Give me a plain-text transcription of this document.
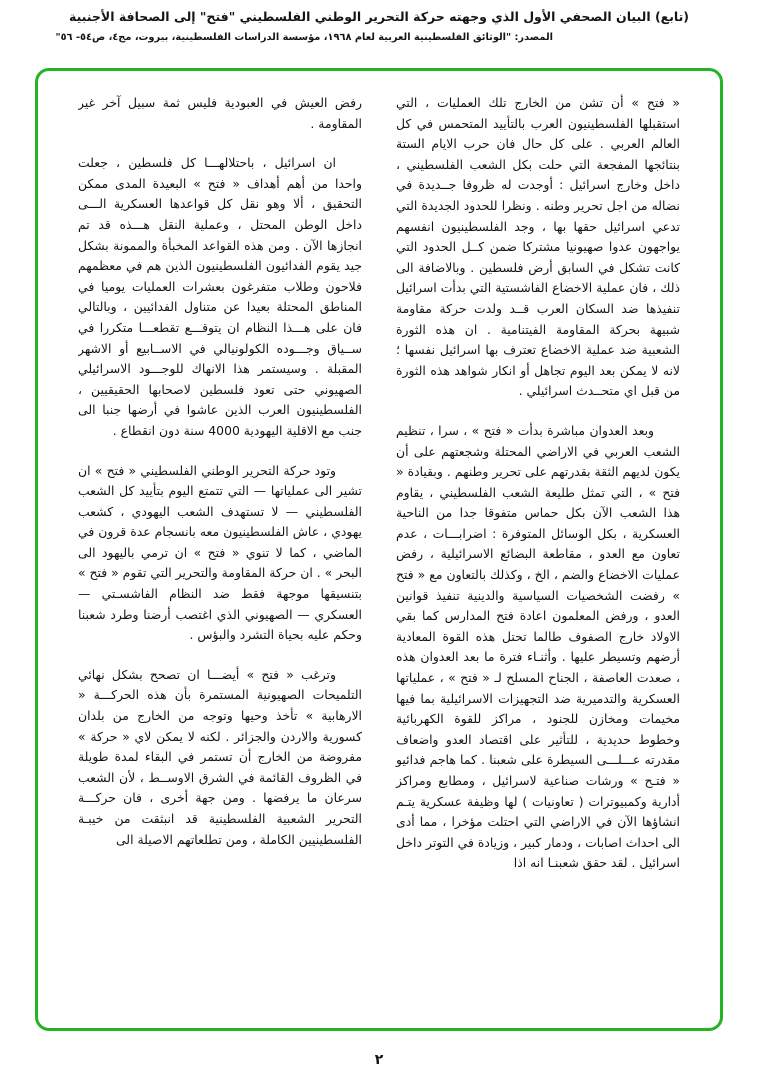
(تابع) البيان الصحفي الأول الذي وجهته حركة التحرير الوطني الفلسطيني "فتح" إلى الصحافة الأجنبية
المصدر: "الوثائق الفلسطينية العربية لعام ١٩٦٨، مؤسسة الدراسات الفلسطينية، بيروت، مج٤، ص٥٤- ٥٦"

« فتح » أن تشن من الخارج تلك العمليات ، التي استقبلها الفلسطينيون العرب بالتأييد المتحمس في كل العالم العربي . على كل حال فان حرب الايام الستة بنتائجها المفجعة التي حلت بكل الشعب الفلسطيني ، داخل وخارج اسرائيل : أوجدت له ظروفا جــديدة في نضاله من اجل تحرير وطنه . ونظرا للحدود الجديدة التي تدعي اسرائيل حقها بها ، وجد الفلسطينيون انفسهم يواجهون عدوا صهيونيا مشتركا ضمن كــل الحدود التي كانت تشكل في السابق أرض فلسطين . وبالاضافة الى ذلك ، فان عملية الاخضاع الفاشستية التي بدأت اسرائيل تنفيذها ضد السكان العرب قــد ولدت حركة مقاومة شبيهة بحركة المقاومة الفيتنامية . ان هذه الثورة الشعبية ضد عملية الاخضاع تعترف بها اسرائيل نفسها ؛ لانه لا يمكن بعد اليوم تجاهل أو انكار شواهد هذه الثورة من قبل اي متحــدث اسرائيلي .

وبعد العدوان مباشرة بدأت « فتح » ، سرا ، تنظيم الشعب العربي في الاراضي المحتلة وشجعتهم على أن يكون لديهم الثقة بقدرتهم على تحرير وطنهم . وبقيادة « فتح » ، التي تمثل طليعة الشعب الفلسطيني ، يقاوم هذا الشعب الآن بكل حماس متفوقا جدا من الناحية العسكرية ، بكل الوسائل المتوفرة : اضرابـــات ، عدم تعاون مع العدو ، مقاطعة البضائع الاسرائيلية ، رفض عمليات الاخضاع والضم ، الخ ، وكذلك بالتعاون مع « فتح » رفضت الشخصيات السياسية والدينية تنفيذ قوانين العدو ، ورفض المعلمون اعادة فتح المدارس كما بقي الاولاد خارج الصفوف طالما تحتل هذه القوة المعادية أرضهم وتسيطر عليها . وأثنـاء فترة ما بعد العدوان هذه ، صعدت العاصفة ، الجناح المسلح لـ « فتح » ، عملياتها العسكرية والتدميرية ضد التجهيزات الاسرائيلية بما فيها مخيمات ومخازن للجنود ، مراكز للقوة الكهربائية وخطوط حديدية ، للتأثير على اقتصاد العدو واضعاف مقدرته عـــلـــى السيطرة على شعبنا . كما هاجم فدائيو « فتـح » ورشات صناعية لاسرائيل ، ومطابع ومراكز أدارية وكمبيوترات ( تعاونيات ) لها وظيفة عسكرية يتـم انشاؤها الآن في الاراضي التي احتلت مؤخرا ، مما أدى الى احداث اصابات ، ودمار كبير ، وزيادة في التوتر داخل اسرائيل . لقد حقق شعبنـا انه اذا

رفض العيش في العبودية فليس ثمة سبيل آخر غير المقاومة .

ان اسرائيل ، باحتلالهـــا كل فلسطين ، جعلت واحدا من أهم أهداف « فتح » البعيدة المدى ممكن التحقيق ، ألا وهو نقل كل قواعدها العسكرية الـــى داخل الوطن المحتل ، وعملية النقل هـــذه قد تم انجازها الآن . ومن هذه القواعد المخبأة والممونة بشكل جيد يقوم الفدائيون الفلسطينيون الذين هم في معظمهم فلاحون وطلاب متفرغون بعشرات العمليات يوميا في المناطق المحتلة بعيدا عن متناول الفدائيين ، وبالتالي فان على هـــذا النظام ان يتوقـــع تقطعـــا متكررا في ســياق وجـــوده الكولونيالي في الاســابيع أو الاشهر المقبلة . وسيستمر هذا الانهاك للوجـــود الاسرائيلي الصهيوني حتى تعود فلسطين لاصحابها الحقيقيين ، الفلسطينيون العرب الذين عاشوا في أرضها جنبا الى جنب مع الاقلية اليهودية 4000 سنة دون انقطاع .

وتود حركة التحرير الوطني الفلسطيني « فتح » ان تشير الى عملياتها — التي تتمتع اليوم بتأييد كل الشعب الفلسطيني — لا تستهدف الشعب اليهودي ، كشعب يهودي ، عاش الفلسطينيون معه بانسجام عدة قرون في الماضي ، كما لا تنوي « فتح » ان ترمي باليهود الى البحر » . ان حركة المقاومة والتحرير التي تقوم « فتح » بتنسيقها موجهة فقط ضد النظام الفاشسـتي — العسكري — الصهيوني الذي اغتصب أرضنا وطرد شعبنا وحكم عليه بحياة التشرد والبؤس .

وترغب « فتح » أيضـــا ان تصحح بشكل نهائي التلميحات الصهيونية المستمرة بأن هذه الحركـــة « الارهابية » تأخذ وحيها وتوجه من الخارج من بلدان كسورية والاردن والجزائر . لكنه لا يمكن لاي « حركة » مفروضة من الخارج أن تستمر في البقاء لمدة طويلة في الظروف القائمة في الشرق الاوســط ، لأن الشعب سرعان ما يرفضها . ومن جهة أخرى ، فان حركـــة التحرير الشعبية الفلسطينية قد انبثقت من خيبـة الفلسطينيين الكاملة ، ومن تطلعاتهم الاصيلة الى

٢
